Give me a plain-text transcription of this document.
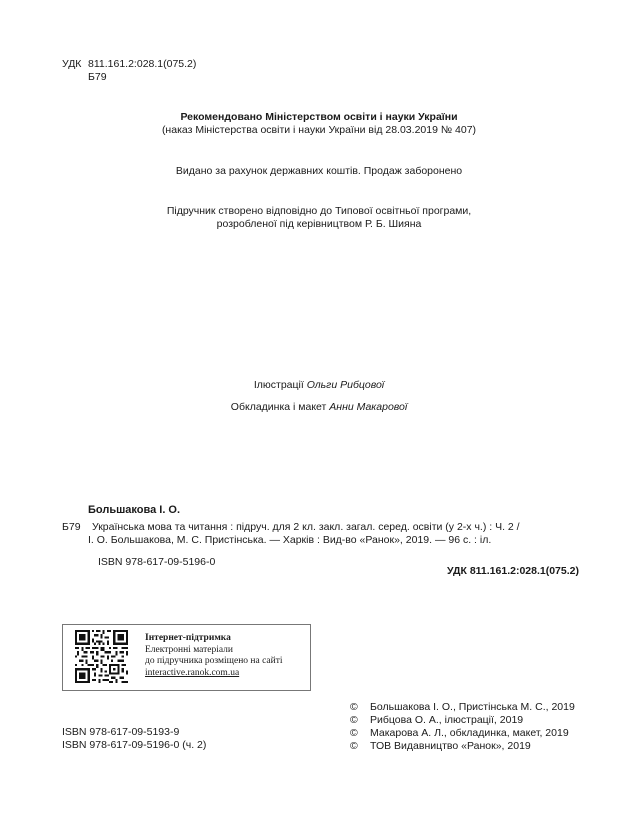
УДК 811.161.2:028.1(075.2)
Б79
Рекомендовано Міністерством освіти і науки України
(наказ Міністерства освіти і науки України від 28.03.2019 № 407)
Видано за рахунок державних коштів. Продаж заборонено
Підручник створено відповідно до Типової освітньої програми,
розробленої під керівництвом Р. Б. Шияна
Ілюстрації Ольги Рибцової
Обкладинка і макет Анни Макарової
Большакова І. О.
Б79 Українська мова та читання : підруч. для 2 кл. закл. загал. серед. освіти (у 2-х ч.) : Ч. 2 /
І. О. Большакова, М. С. Пристінська. — Харків : Вид-во «Ранок», 2019. — 96 с. : іл.
ISBN 978-617-09-5196-0
УДК 811.161.2:028.1(075.2)
Інтернет-підтримка
Електронні матеріали
до підручника розміщено на сайті
interactive.ranok.com.ua
ISBN 978-617-09-5193-9
ISBN 978-617-09-5196-0 (ч. 2)
© Большакова І. О., Пристінська М. С., 2019
© Рибцова О. А., ілюстрації, 2019
© Макарова А. Л., обкладинка, макет, 2019
© ТОВ Видавництво «Ранок», 2019
